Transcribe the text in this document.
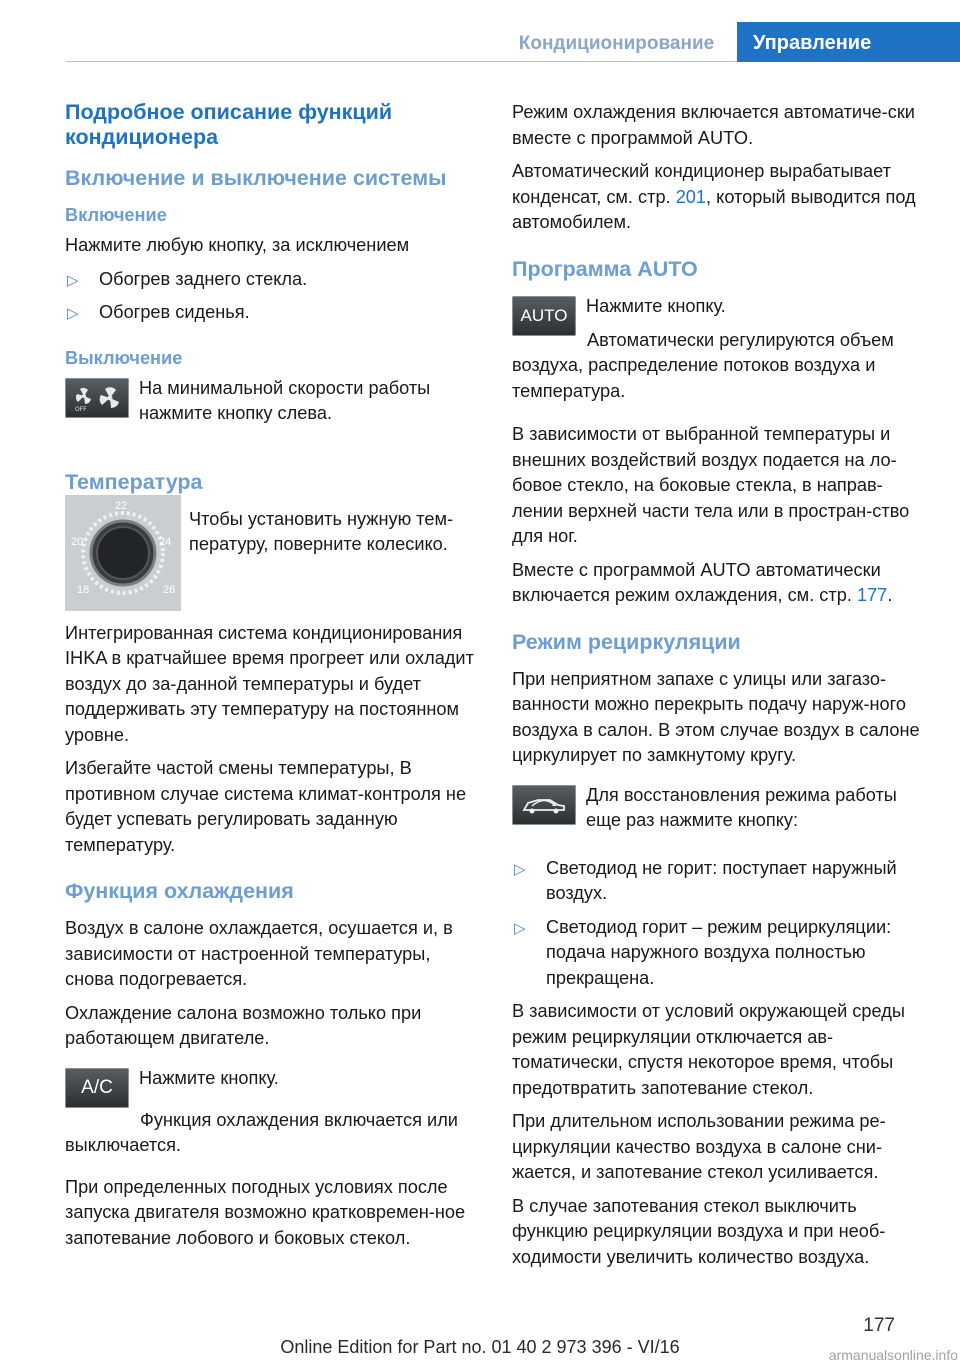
Кондиционирование	Управление
Подробное описание функций кондиционера
Включение и выключение системы
Включение
Нажмите любую кнопку, за исключением
▷ Обогрев заднего стекла.
▷ Обогрев сиденья.
Выключение
OFF
На минимальной скорости работы нажмите кнопку слева.
Температура
18
20
22
24
26
Чтобы установить нужную тем‐пературу, поверните колесико.
Интегрированная система кондиционирования IHKA в кратчайшее время прогреет или охладит воздух до за‐данной температуры и будет поддерживать эту температуру на постоянном уровне.
Избегайте частой смены температуры, В противном случае система климат-контроля не будет успевать регулировать заданную температуру.
Функция охлаждения
Воздух в салоне охлаждается, осушается и, в зависимости от настроенной температуры, снова подогревается.
Охлаждение салона возможно только при работающем двигателе.
A/C	Нажмите кнопку.
Функция охлаждения включается или выключается.
При определенных погодных условиях после запуска двигателя возможно кратковремен‐ное запотевание лобового и боковых стекол.
Режим охлаждения включается автоматиче‐ски вместе с программой AUTO.
Автоматический кондиционер вырабатывает конденсат, см. стр. 201, который выводится под автомобилем.
Программа AUTO
AUTO	Нажмите кнопку.
Автоматически регулируются объем воздуха, распределение потоков воздуха и температура.
В зависимости от выбранной температуры и внешних воздействий воздух подается на ло‐бовое стекло, на боковые стекла, в направ‐лении верхней части тела или в простран‐ство для ног.
Вместе с программой AUTO автоматически включается режим охлаждения, см. стр. 177.
Режим рециркуляции
При неприятном запахе с улицы или загазо‐ванности можно перекрыть подачу наруж‐ного воздуха в салон. В этом случае воздух в салоне циркулирует по замкнутому кругу.
Для восстановления режима работы еще раз нажмите кнопку:
▷ Светодиод не горит: поступает наружный воздух.
▷ Светодиод горит – режим рециркуляции: подача наружного воздуха полностью прекращена.
В зависимости от условий окружающей среды режим рециркуляции отключается ав‐томатически, спустя некоторое время, чтобы предотвратить запотевание стекол.
При длительном использовании режима ре‐циркуляции качество воздуха в салоне сни‐жается, и запотевание стекол усиливается.
В случае запотевания стекол выключить функцию рециркуляции воздуха и при необ‐ходимости увеличить количество воздуха.
177
Online Edition for Part no. 01 40 2 973 396 - VI/16	armanualsonline.info
